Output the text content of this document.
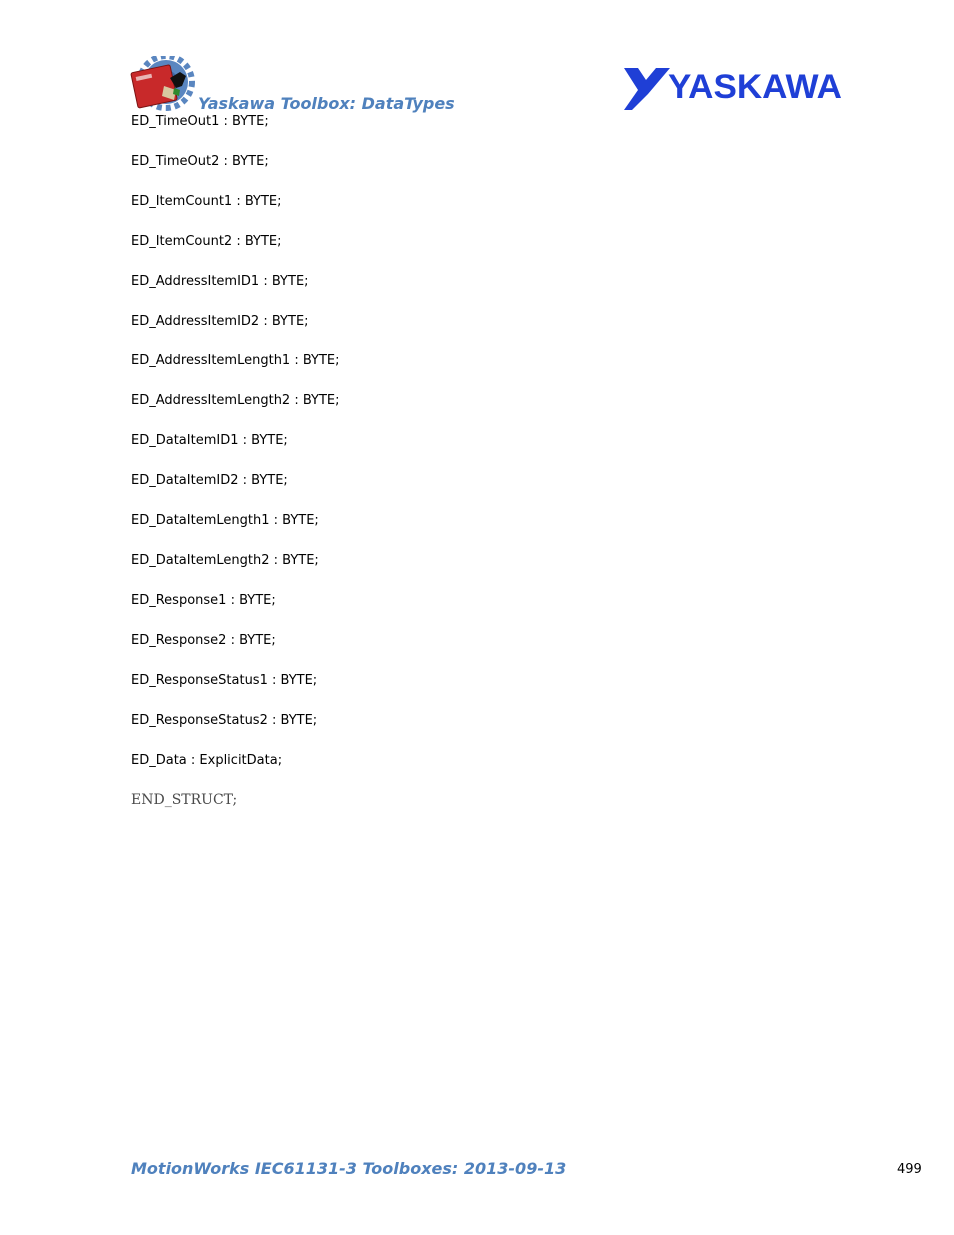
Yaskawa Toolbox: DataTypes	YASKAWA
ED_TimeOut1 : BYTE;
ED_TimeOut2 : BYTE;
ED_ItemCount1 : BYTE;
ED_ItemCount2 : BYTE;
ED_AddressItemID1 : BYTE;
ED_AddressItemID2 : BYTE;
ED_AddressItemLength1 : BYTE;
ED_AddressItemLength2 : BYTE;
ED_DataItemID1 : BYTE;
ED_DataItemID2 : BYTE;
ED_DataItemLength1 : BYTE;
ED_DataItemLength2 : BYTE;
ED_Response1 : BYTE;
ED_Response2 : BYTE;
ED_ResponseStatus1 : BYTE;
ED_ResponseStatus2 : BYTE;
ED_Data : ExplicitData;
END_STRUCT;
MotionWorks IEC61131-3 Toolboxes: 2013-09-13	499
